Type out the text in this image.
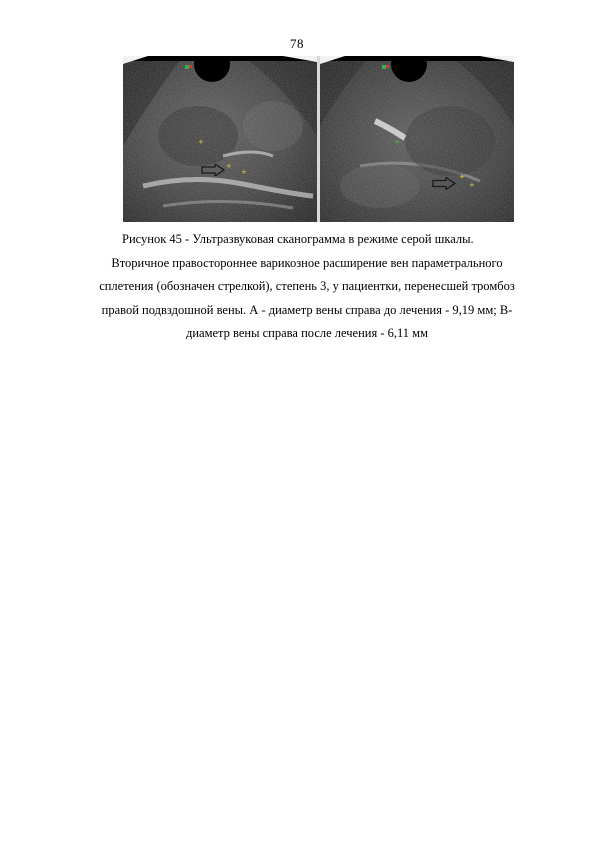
78
+
+
+
+
+
+

Рисунок 45 - Ультразвуковая сканограмма в режиме серой шкалы.

Вторичное правостороннее варикозное расширение вен параметрального
сплетения (обозначен стрелкой), степень 3, у пациентки, перенесшей тромбоз
правой подвздошной вены. А - диаметр вены справа до лечения - 9,19 мм; В-
диаметр вены справа после лечения - 6,11 мм
